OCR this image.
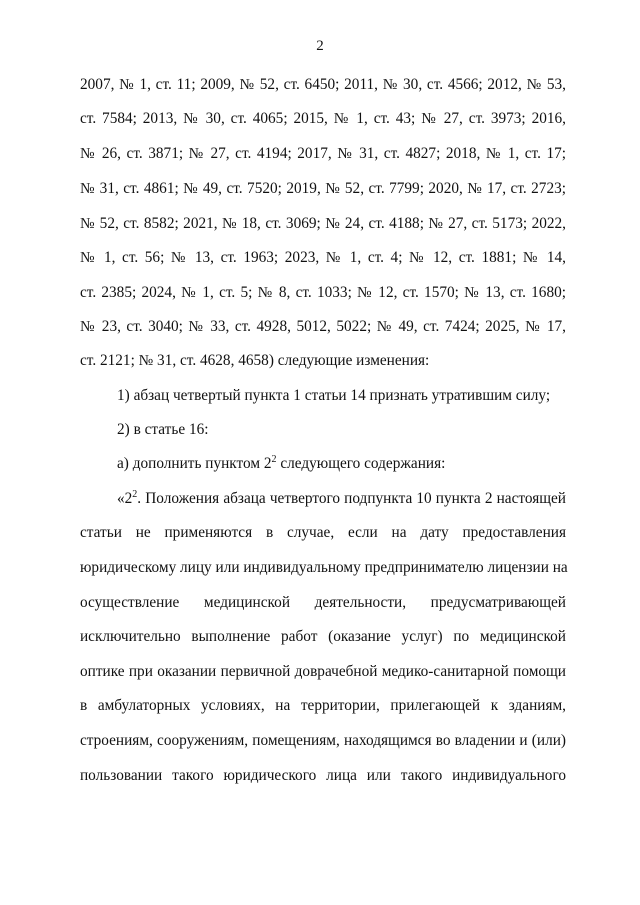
2
2007, № 1, ст. 11; 2009, № 52, ст. 6450; 2011, № 30, ст. 4566; 2012, № 53,
ст. 7584; 2013, № 30, ст. 4065; 2015, № 1, ст. 43; № 27, ст. 3973; 2016,
№ 26, ст. 3871; № 27, ст. 4194; 2017, № 31, ст. 4827; 2018, № 1, ст. 17;
№ 31, ст. 4861; № 49, ст. 7520; 2019, № 52, ст. 7799; 2020, № 17, ст. 2723;
№ 52, ст. 8582; 2021, № 18, ст. 3069; № 24, ст. 4188; № 27, ст. 5173; 2022,
№ 1, ст. 56; № 13, ст. 1963; 2023, № 1, ст. 4; № 12, ст. 1881; № 14,
ст. 2385; 2024, № 1, ст. 5; № 8, ст. 1033; № 12, ст. 1570; № 13, ст. 1680;
№ 23, ст. 3040; № 33, ст. 4928, 5012, 5022; № 49, ст. 7424; 2025, № 17,
ст. 2121; № 31, ст. 4628, 4658) следующие изменения:
1) абзац четвертый пункта 1 статьи 14 признать утратившим силу;
2) в статье 16:
а) дополнить пунктом $2^2$ следующего содержания:
«$2^2$. Положения абзаца четвертого подпункта 10 пункта 2 настоящей
статьи не применяются в случае, если на дату предоставления
юридическому лицу или индивидуальному предпринимателю лицензии на
осуществление медицинской деятельности, предусматривающей
исключительно выполнение работ (оказание услуг) по медицинской
оптике при оказании первичной доврачебной медико-санитарной помощи
в амбулаторных условиях, на территории, прилегающей к зданиям,
строениям, сооружениям, помещениям, находящимся во владении и (или)
пользовании такого юридического лица или такого индивидуального
